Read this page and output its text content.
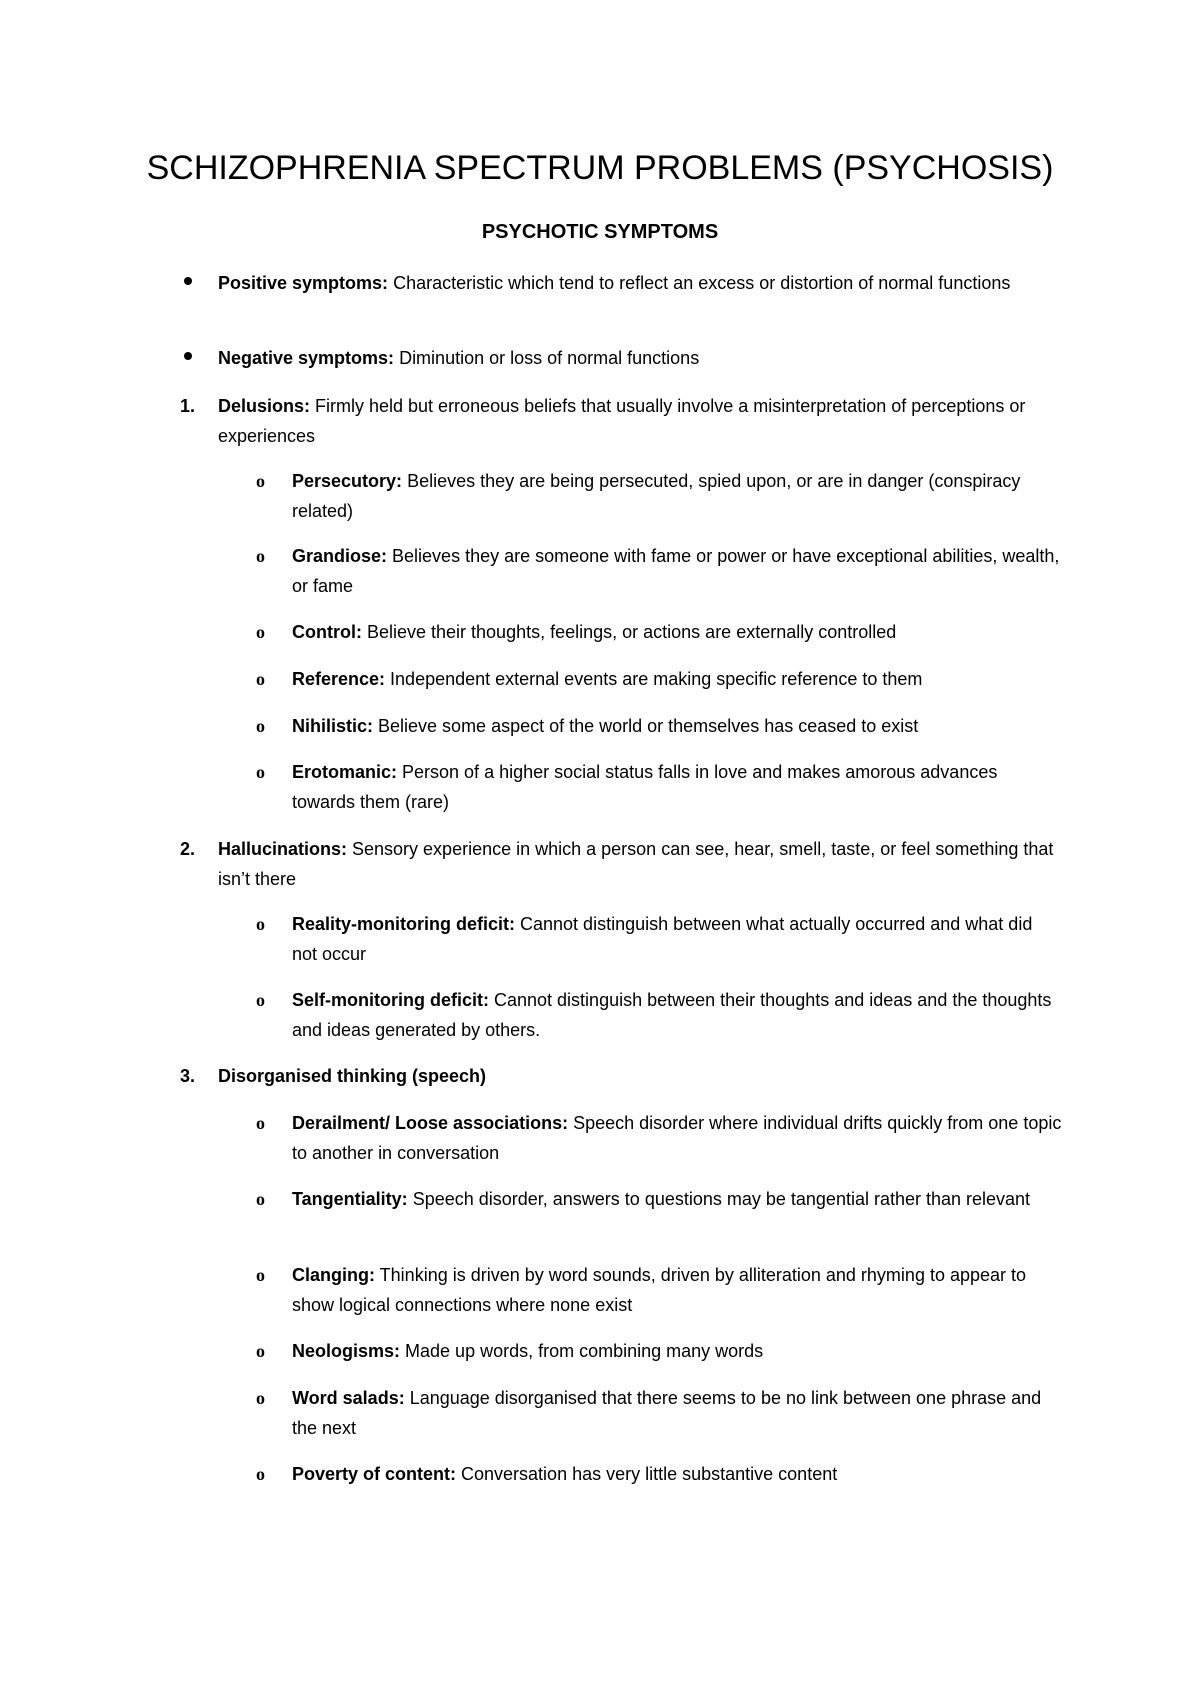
SCHIZOPHRENIA SPECTRUM PROBLEMS (PSYCHOSIS)
PSYCHOTIC SYMPTOMS
Positive symptoms: Characteristic which tend to reflect an excess or distortion of normal functions
Negative symptoms: Diminution or loss of normal functions
1. Delusions: Firmly held but erroneous beliefs that usually involve a misinterpretation of perceptions or experiences
o Persecutory: Believes they are being persecuted, spied upon, or are in danger (conspiracy related)
o Grandiose: Believes they are someone with fame or power or have exceptional abilities, wealth, or fame
o Control: Believe their thoughts, feelings, or actions are externally controlled
o Reference: Independent external events are making specific reference to them
o Nihilistic: Believe some aspect of the world or themselves has ceased to exist
o Erotomanic: Person of a higher social status falls in love and makes amorous advances towards them (rare)
2. Hallucinations: Sensory experience in which a person can see, hear, smell, taste, or feel something that isn’t there
o Reality-monitoring deficit: Cannot distinguish between what actually occurred and what did not occur
o Self-monitoring deficit: Cannot distinguish between their thoughts and ideas and the thoughts and ideas generated by others.
3. Disorganised thinking (speech)
o Derailment/ Loose associations: Speech disorder where individual drifts quickly from one topic to another in conversation
o Tangentiality: Speech disorder, answers to questions may be tangential rather than relevant
o Clanging: Thinking is driven by word sounds, driven by alliteration and rhyming to appear to show logical connections where none exist
o Neologisms: Made up words, from combining many words
o Word salads: Language disorganised that there seems to be no link between one phrase and the next
o Poverty of content: Conversation has very little substantive content
